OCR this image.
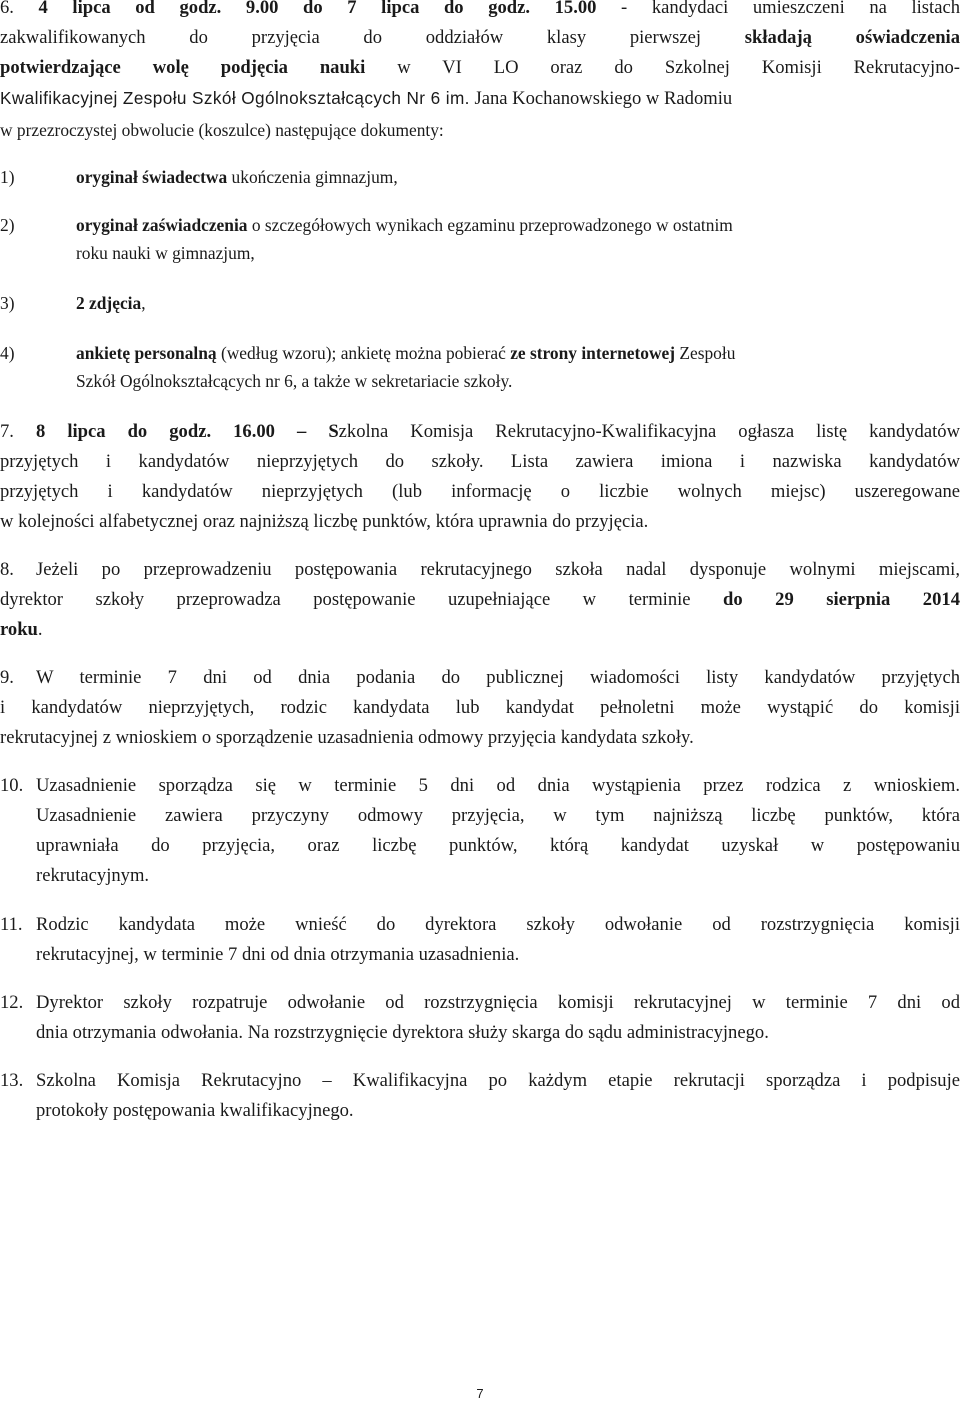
6. 4 lipca od godz. 9.00 do 7 lipca do godz. 15.00 - kandydaci umieszczeni na listach
zakwalifikowanych do przyjęcia do oddziałów klasy pierwszej składają oświadczenia
potwierdzające wolę podjęcia nauki w VI LO oraz do Szkolnej Komisji Rekrutacyjno-
Kwalifikacyjnej Zespołu Szkół Ogólnokształcących Nr 6 im. Jana Kochanowskiego w Radomiu
w przezroczystej obwolucie (koszulce) następujące dokumenty:
1)	oryginał świadectwa ukończenia gimnazjum,
2)	oryginał zaświadczenia o szczegółowych wynikach egzaminu przeprowadzonego w ostatnim
roku nauki w gimnazjum,
3)	2 zdjęcia,
4)	ankietę personalną (według wzoru); ankietę można pobierać ze strony internetowej Zespołu
Szkół Ogólnokształcących nr 6, a także w sekretariacie szkoły.
7. 8 lipca do godz. 16.00 – Szkolna Komisja Rekrutacyjno-Kwalifikacyjna ogłasza listę kandydatów
przyjętych i kandydatów nieprzyjętych do szkoły. Lista zawiera imiona i nazwiska kandydatów
przyjętych i kandydatów nieprzyjętych (lub informację o liczbie wolnych miejsc) uszeregowane
w kolejności alfabetycznej oraz najniższą liczbę punktów, która uprawnia do przyjęcia.
8. Jeżeli po przeprowadzeniu postępowania rekrutacyjnego szkoła nadal dysponuje wolnymi miejscami,
dyrektor szkoły przeprowadza postępowanie uzupełniające w terminie do 29 sierpnia 2014
roku.
9. W terminie 7 dni od dnia podania do publicznej wiadomości listy kandydatów przyjętych
i kandydatów nieprzyjętych, rodzic kandydata lub kandydat pełnoletni może wystąpić do komisji
rekrutacyjnej z wnioskiem o sporządzenie uzasadnienia odmowy przyjęcia kandydata szkoły.
10. Uzasadnienie sporządza się w terminie 5 dni od dnia wystąpienia przez rodzica z wnioskiem.
Uzasadnienie zawiera przyczyny odmowy przyjęcia, w tym najniższą liczbę punktów, która
uprawniała do przyjęcia, oraz liczbę punktów, którą kandydat uzyskał w postępowaniu
rekrutacyjnym.
11. Rodzic kandydata może wnieść do dyrektora szkoły odwołanie od rozstrzygnięcia komisji
rekrutacyjnej, w terminie 7 dni od dnia otrzymania uzasadnienia.
12. Dyrektor szkoły rozpatruje odwołanie od rozstrzygnięcia komisji rekrutacyjnej w terminie 7 dni od
dnia otrzymania odwołania. Na rozstrzygnięcie dyrektora służy skarga do sądu administracyjnego.
13. Szkolna Komisja Rekrutacyjno – Kwalifikacyjna po każdym etapie rekrutacji sporządza i podpisuje
protokoły postępowania kwalifikacyjnego.
7
